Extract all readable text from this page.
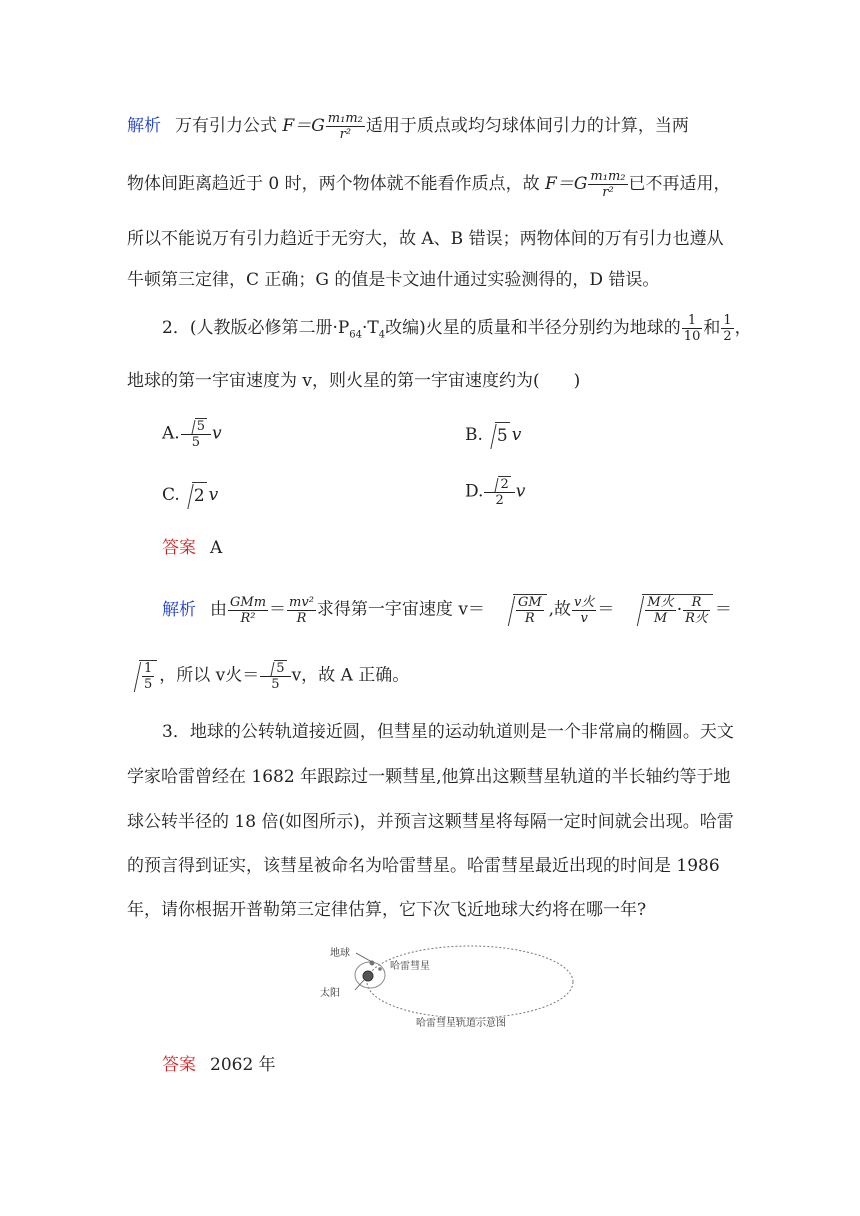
解析 万有引力公式 $F=G \frac{\text{m₁m₂}}{\text{r²}}$ 适用于质点或均匀球体间引力的计算，当两
物体间距离趋近于 0 时，两个物体就不能看作质点，故 $F=G \frac{\text{m₁m₂}}{\text{r²}}$ 已不再适用，
所以不能说万有引力趋近于无穷大，故 A、B 错误；两物体间的万有引力也遵从
牛顿第三定律，C 正确；G 的值是卡文迪什通过实验测得的，D 错误。
2．(人教版必修第二册$\cdot P_{64}\cdot T_4$改编)火星的质量和半径分别约为地球的 $\frac{1}{10}$ 和 $\frac{1}{2}$ ，
地球的第一宇宙速度为 v，则火星的第一宇宙速度约为(　　)
A. $\frac{5}{5}$ v	B. 5 v
C. 2 v	D. $\frac{2}{2}$ v
答案 A
解析 由 $\frac{\text{GMm}}{\text{R²}} = \frac{\text{mv²}}{R}$ 求得第一宇宙速度 $v= \frac{GM}{R}$ ,故 $\frac{\text{v火}}{v} = \frac{\text{M火}}{M} \cdot \frac{R}{\text{R火}}$ ＝
$\frac{1}{5}$ ，所以 v火＝ $\frac{5}{5}$ v，故 A 正确。
3．地球的公转轨道接近圆，但彗星的运动轨道则是一个非常扁的椭圆。天文
学家哈雷曾经在 1682 年跟踪过一颗彗星,他算出这颗彗星轨道的半长轴约等于地
球公转半径的 18 倍(如图所示)，并预言这颗彗星将每隔一定时间就会出现。哈雷
的预言得到证实，该彗星被命名为哈雷彗星。哈雷彗星最近出现的时间是 1986
年，请你根据开普勒第三定律估算，它下次飞近地球大约将在哪一年?
地球
哈雷彗星
太阳
哈雷彗星轨道示意图
答案 2062 年
